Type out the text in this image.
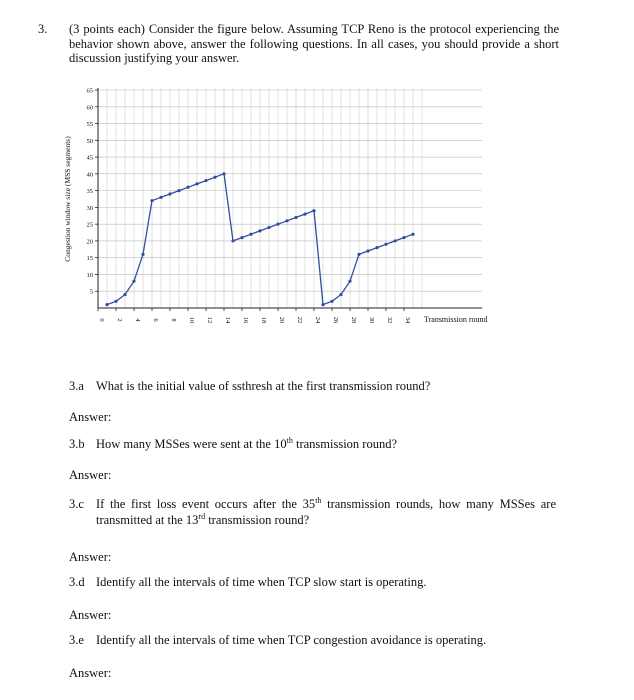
3. (3 points each) Consider the figure below. Assuming TCP Reno is the protocol experiencing the behavior shown above, answer the following questions. In all cases, you should provide a short discussion justifying your answer.
5
10
15
20
25
30
35
40
45
50
55
60
65
0 2 4 6 8 10 12 14 16 18 20 22 24 26 28 30 32 34
Congestion window size (MSS segments)
Transmission round
3.a What is the initial value of ssthresh at the first transmission round?
Answer:
3.b How many MSSes were sent at the 10th transmission round?
Answer:
3.c If the first loss event occurs after the 35th transmission rounds, how many MSSes are transmitted at the 13rd transmission round?
Answer:
3.d Identify all the intervals of time when TCP slow start is operating.
Answer:
3.e Identify all the intervals of time when TCP congestion avoidance is operating.
Answer:
